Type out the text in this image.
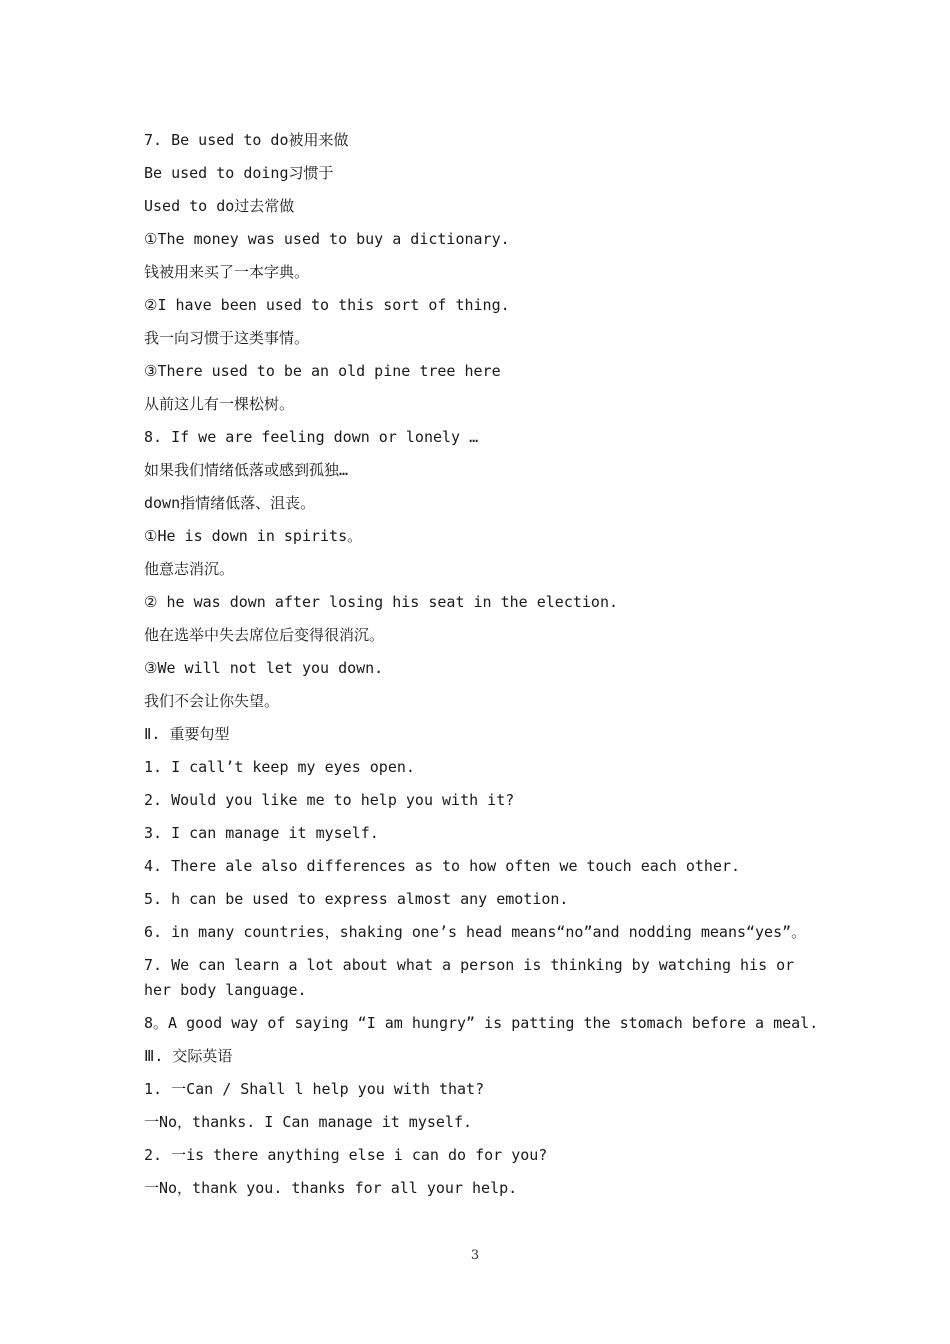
7. Be used to do被用来做
Be used to doing习惯于
Used to do过去常做
①The money was used to buy a dictionary.
钱被用来买了一本字典。
②I have been used to this sort of thing.
我一向习惯于这类事情。
③There used to be an old pine tree here
从前这儿有一棵松树。
8. If we are feeling down or lonely …
如果我们情绪低落或感到孤独…
down指情绪低落、沮丧。
①He is down in spirits。
他意志消沉。
② he was down after losing his seat in the election.
他在选举中失去席位后变得很消沉。
③We will not let you down.
我们不会让你失望。
Ⅱ. 重要句型
1. I call’t keep my eyes open.
2. Would you like me to help you with it?
3. I can manage it myself.
4. There ale also differences as to how often we touch each other.
5. h can be used to express almost any emotion.
6. in many countries，shaking one’s head means“no”and nodding means“yes”。
7. We can learn a lot about what a person is thinking by watching his or her body language.
8。A good way of saying “I am hungry” is patting the stomach before a meal.
Ⅲ. 交际英语
1. 一Can / Shall l help you with that?
一No，thanks. I Can manage it myself.
2. 一is there anything else i can do for you?
一No，thank you. thanks for all your help.
3
